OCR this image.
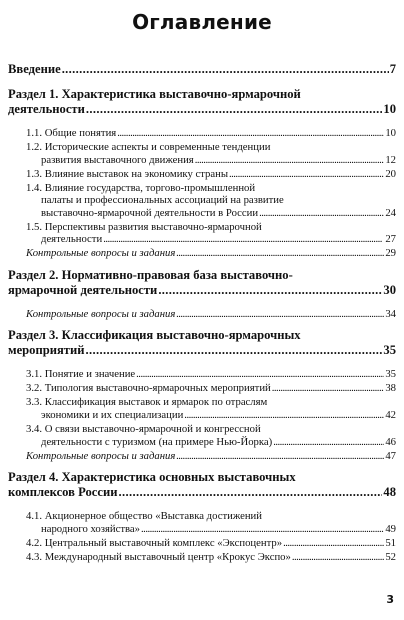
Оглавление
Введение . . .	7
Раздел 1. Характеристика выставочно-ярмарочной
деятельности . . .	10
1.1. Общие понятия . . .	10
1.2. Исторические аспекты и современные тенденции
развития выставочного движения . . .	12
1.3. Влияние выставок на экономику страны . . .	20
1.4. Влияние государства, торгово-промышленной
палаты и профессиональных ассоциаций на развитие
выставочно-ярмарочной деятельности в России . . .	24
1.5. Перспективы развития выставочно-ярмарочной
деятельности . . .	27
Контрольные вопросы и задания . . .	29
Раздел 2. Нормативно-правовая база выставочно-
ярмарочной деятельности . . .	30
Контрольные вопросы и задания . . .	34
Раздел 3. Классификация выставочно-ярмарочных
мероприятий . . .	35
3.1. Понятие и значение . . .	35
3.2. Типология выставочно-ярмарочных мероприятий . . .	38
3.3. Классификация выставок и ярмарок по отраслям
экономики и их специализации . . .	42
3.4. О связи выставочно-ярмарочной и конгрессной
деятельности с туризмом (на примере Нью-Йорка) . . .	46
Контрольные вопросы и задания . . .	47
Раздел 4. Характеристика основных выставочных
комплексов России . . .	48
4.1. Акционерное общество «Выставка достижений
народного хозяйства» . . .	49
4.2. Центральный выставочный комплекс «Экспоцентр» . . .	51
4.3. Международный выставочный центр «Крокус Экспо» . . .	52
3
